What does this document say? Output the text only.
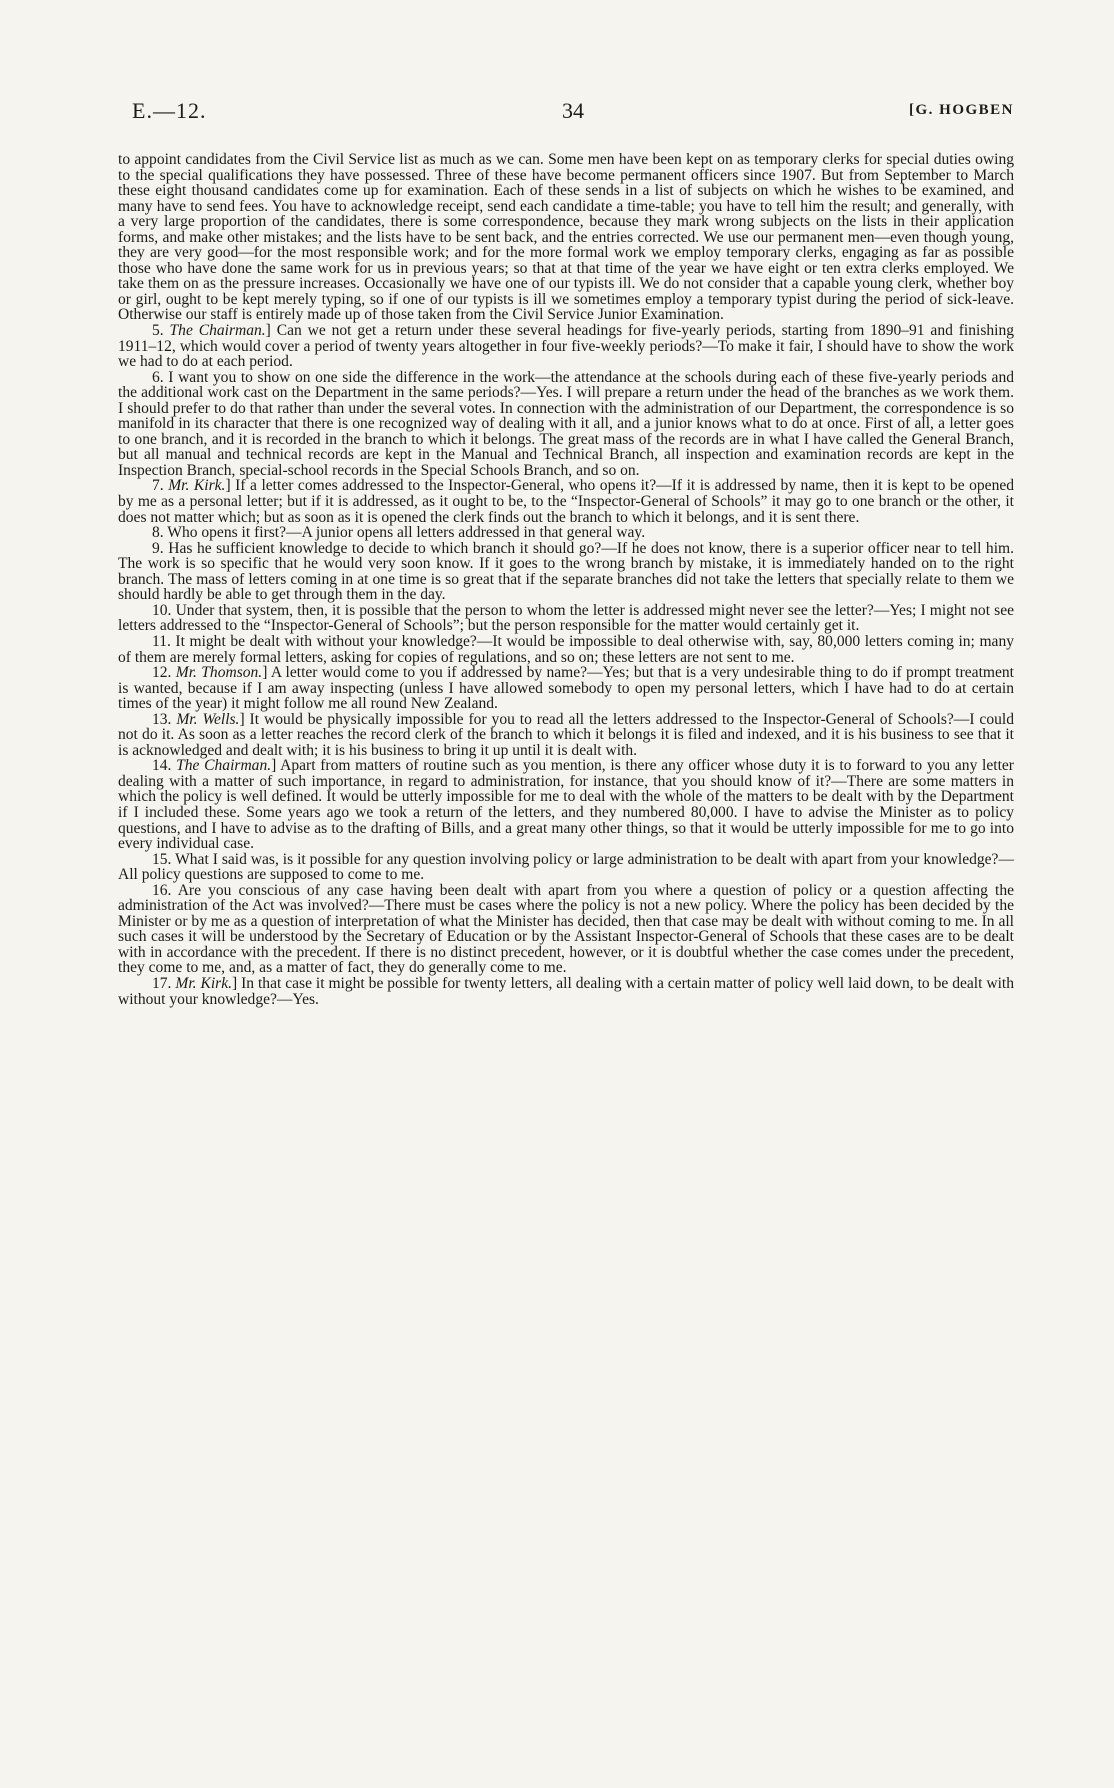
E.—12.	34	[G. HOGBEN

to appoint candidates from the Civil Service list as much as we can. Some men have been kept on as temporary clerks for special duties owing to the special qualifications they have possessed. Three of these have become permanent officers since 1907. But from September to March these eight thousand candidates come up for examination. Each of these sends in a list of subjects on which he wishes to be examined, and many have to send fees. You have to acknowledge receipt, send each candidate a time-table; you have to tell him the result; and generally, with a very large proportion of the candidates, there is some correspondence, because they mark wrong subjects on the lists in their application forms, and make other mistakes; and the lists have to be sent back, and the entries corrected. We use our permanent men—even though young, they are very good—for the most responsible work; and for the more formal work we employ temporary clerks, engaging as far as possible those who have done the same work for us in previous years; so that at that time of the year we have eight or ten extra clerks employed. We take them on as the pressure increases. Occasionally we have one of our typists ill. We do not consider that a capable young clerk, whether boy or girl, ought to be kept merely typing, so if one of our typists is ill we sometimes employ a temporary typist during the period of sick-leave. Otherwise our staff is entirely made up of those taken from the Civil Service Junior Examination.

5. The Chairman.] Can we not get a return under these several headings for five-yearly periods, starting from 1890–91 and finishing 1911–12, which would cover a period of twenty years altogether in four five-weekly periods?—To make it fair, I should have to show the work we had to do at each period.

6. I want you to show on one side the difference in the work—the attendance at the schools during each of these five-yearly periods and the additional work cast on the Department in the same periods?—Yes. I will prepare a return under the head of the branches as we work them. I should prefer to do that rather than under the several votes. In connection with the administration of our Department, the correspondence is so manifold in its character that there is one recognized way of dealing with it all, and a junior knows what to do at once. First of all, a letter goes to one branch, and it is recorded in the branch to which it belongs. The great mass of the records are in what I have called the General Branch, but all manual and technical records are kept in the Manual and Technical Branch, all inspection and examination records are kept in the Inspection Branch, special-school records in the Special Schools Branch, and so on.

7. Mr. Kirk.] If a letter comes addressed to the Inspector-General, who opens it?—If it is addressed by name, then it is kept to be opened by me as a personal letter; but if it is addressed, as it ought to be, to the “Inspector-General of Schools” it may go to one branch or the other, it does not matter which; but as soon as it is opened the clerk finds out the branch to which it belongs, and it is sent there.

8. Who opens it first?—A junior opens all letters addressed in that general way.

9. Has he sufficient knowledge to decide to which branch it should go?—If he does not know, there is a superior officer near to tell him. The work is so specific that he would very soon know. If it goes to the wrong branch by mistake, it is immediately handed on to the right branch. The mass of letters coming in at one time is so great that if the separate branches did not take the letters that specially relate to them we should hardly be able to get through them in the day.

10. Under that system, then, it is possible that the person to whom the letter is addressed might never see the letter?—Yes; I might not see letters addressed to the “Inspector-General of Schools”; but the person responsible for the matter would certainly get it.

11. It might be dealt with without your knowledge?—It would be impossible to deal otherwise with, say, 80,000 letters coming in; many of them are merely formal letters, asking for copies of regulations, and so on; these letters are not sent to me.

12. Mr. Thomson.] A letter would come to you if addressed by name?—Yes; but that is a very undesirable thing to do if prompt treatment is wanted, because if I am away inspecting (unless I have allowed somebody to open my personal letters, which I have had to do at certain times of the year) it might follow me all round New Zealand.

13. Mr. Wells.] It would be physically impossible for you to read all the letters addressed to the Inspector-General of Schools?—I could not do it. As soon as a letter reaches the record clerk of the branch to which it belongs it is filed and indexed, and it is his business to see that it is acknowledged and dealt with; it is his business to bring it up until it is dealt with.

14. The Chairman.] Apart from matters of routine such as you mention, is there any officer whose duty it is to forward to you any letter dealing with a matter of such importance, in regard to administration, for instance, that you should know of it?—There are some matters in which the policy is well defined. It would be utterly impossible for me to deal with the whole of the matters to be dealt with by the Department if I included these. Some years ago we took a return of the letters, and they numbered 80,000. I have to advise the Minister as to policy questions, and I have to advise as to the drafting of Bills, and a great many other things, so that it would be utterly impossible for me to go into every individual case.

15. What I said was, is it possible for any question involving policy or large administration to be dealt with apart from your knowledge?—All policy questions are supposed to come to me.

16. Are you conscious of any case having been dealt with apart from you where a question of policy or a question affecting the administration of the Act was involved?—There must be cases where the policy is not a new policy. Where the policy has been decided by the Minister or by me as a question of interpretation of what the Minister has decided, then that case may be dealt with without coming to me. In all such cases it will be understood by the Secretary of Education or by the Assistant Inspector-General of Schools that these cases are to be dealt with in accordance with the precedent. If there is no distinct precedent, however, or it is doubtful whether the case comes under the precedent, they come to me, and, as a matter of fact, they do generally come to me.

17. Mr. Kirk.] In that case it might be possible for twenty letters, all dealing with a certain matter of policy well laid down, to be dealt with without your knowledge?—Yes.
